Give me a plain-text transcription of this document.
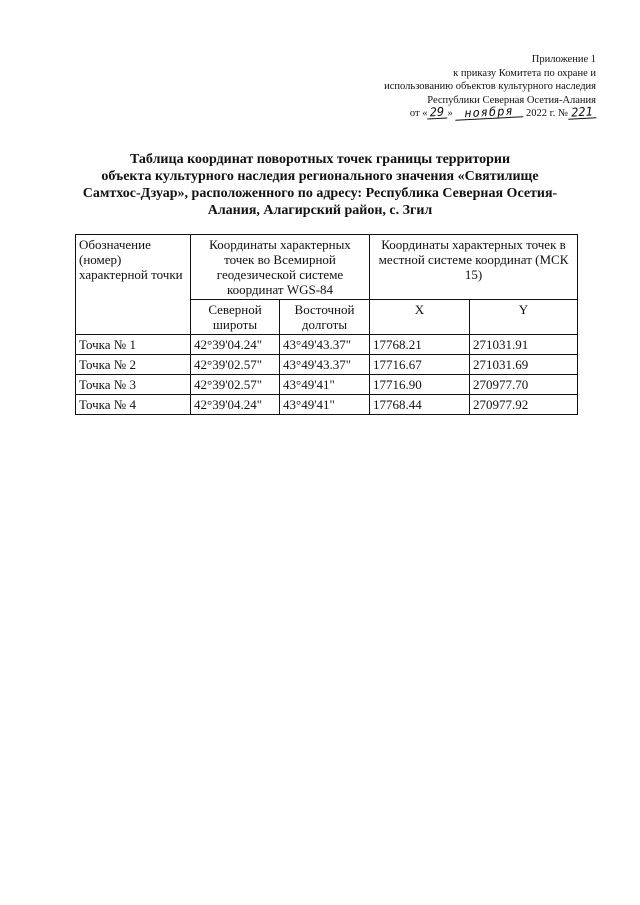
Приложение 1
к приказу Комитета по охране и
использованию объектов культурного наследия
Республики Северная Осетия-Алания
от « 29 » ноября 2022 г. № 221
Таблица координат поворотных точек границы территории
объекта культурного наследия регионального значения «Святилище
Самтхос-Дзуар», расположенного по адресу: Республика Северная Осетия-
Алания, Алагирский район, с. Згил
Обозначение (номер) характерной точки	Координаты характерных точек во Всемирной геодезической системе координат WGS-84		Координаты характерных точек в местной системе координат (МСК 15)	
	Северной широты	Восточной долготы	X	Y
Точка № 1	42°39'04.24"	43°49'43.37"	17768.21	271031.91
Точка № 2	42°39'02.57"	43°49'43.37"	17716.67	271031.69
Точка № 3	42°39'02.57"	43°49'41"	17716.90	270977.70
Точка № 4	42°39'04.24"	43°49'41"	17768.44	270977.92
